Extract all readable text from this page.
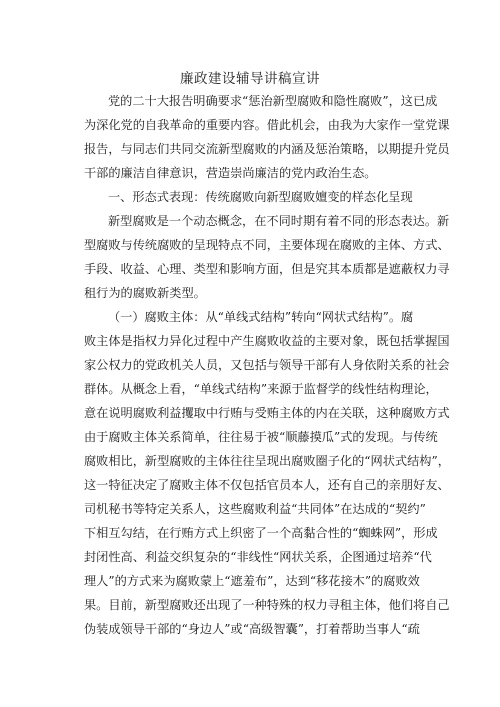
廉政建设辅导讲稿宣讲
党的二十大报告明确要求“惩治新型腐败和隐性腐败”，这已成
为深化党的自我革命的重要内容。借此机会，由我为大家作一堂党课
报告，与同志们共同交流新型腐败的内涵及惩治策略，以期提升党员
干部的廉洁自律意识，营造崇尚廉洁的党内政治生态。
一、形态式表现：传统腐败向新型腐败嬗变的样态化呈现
新型腐败是一个动态概念，在不同时期有着不同的形态表达。新
型腐败与传统腐败的呈现特点不同，主要体现在腐败的主体、方式、
手段、收益、心理、类型和影响方面，但是究其本质都是遮蔽权力寻
租行为的腐败新类型。
（一）腐败主体：从“单线式结构”转向“网状式结构”。腐
败主体是指权力异化过程中产生腐败收益的主要对象，既包括掌握国
家公权力的党政机关人员，又包括与领导干部有人身依附关系的社会
群体。从概念上看，“单线式结构”来源于监督学的线性结构理论，
意在说明腐败利益攫取中行贿与受贿主体的内在关联，这种腐败方式
由于腐败主体关系简单，往往易于被“顺藤摸瓜”式的发现。与传统
腐败相比，新型腐败的主体往往呈现出腐败圈子化的“网状式结构”，
这一特征决定了腐败主体不仅包括官员本人，还有自己的亲朋好友、
司机秘书等特定关系人，这些腐败利益“共同体”在达成的“契约”
下相互勾结，在行贿方式上织密了一个高黏合性的“蜘蛛网”，形成
封闭性高、利益交织复杂的“非线性“网状关系，企图通过培养“代
理人”的方式来为腐败蒙上“遮羞布”，达到“移花接木”的腐败效
果。目前，新型腐败还出现了一种特殊的权力寻租主体，他们将自己
伪装成领导干部的“身边人”或“高级智囊”，打着帮助当事人“疏
